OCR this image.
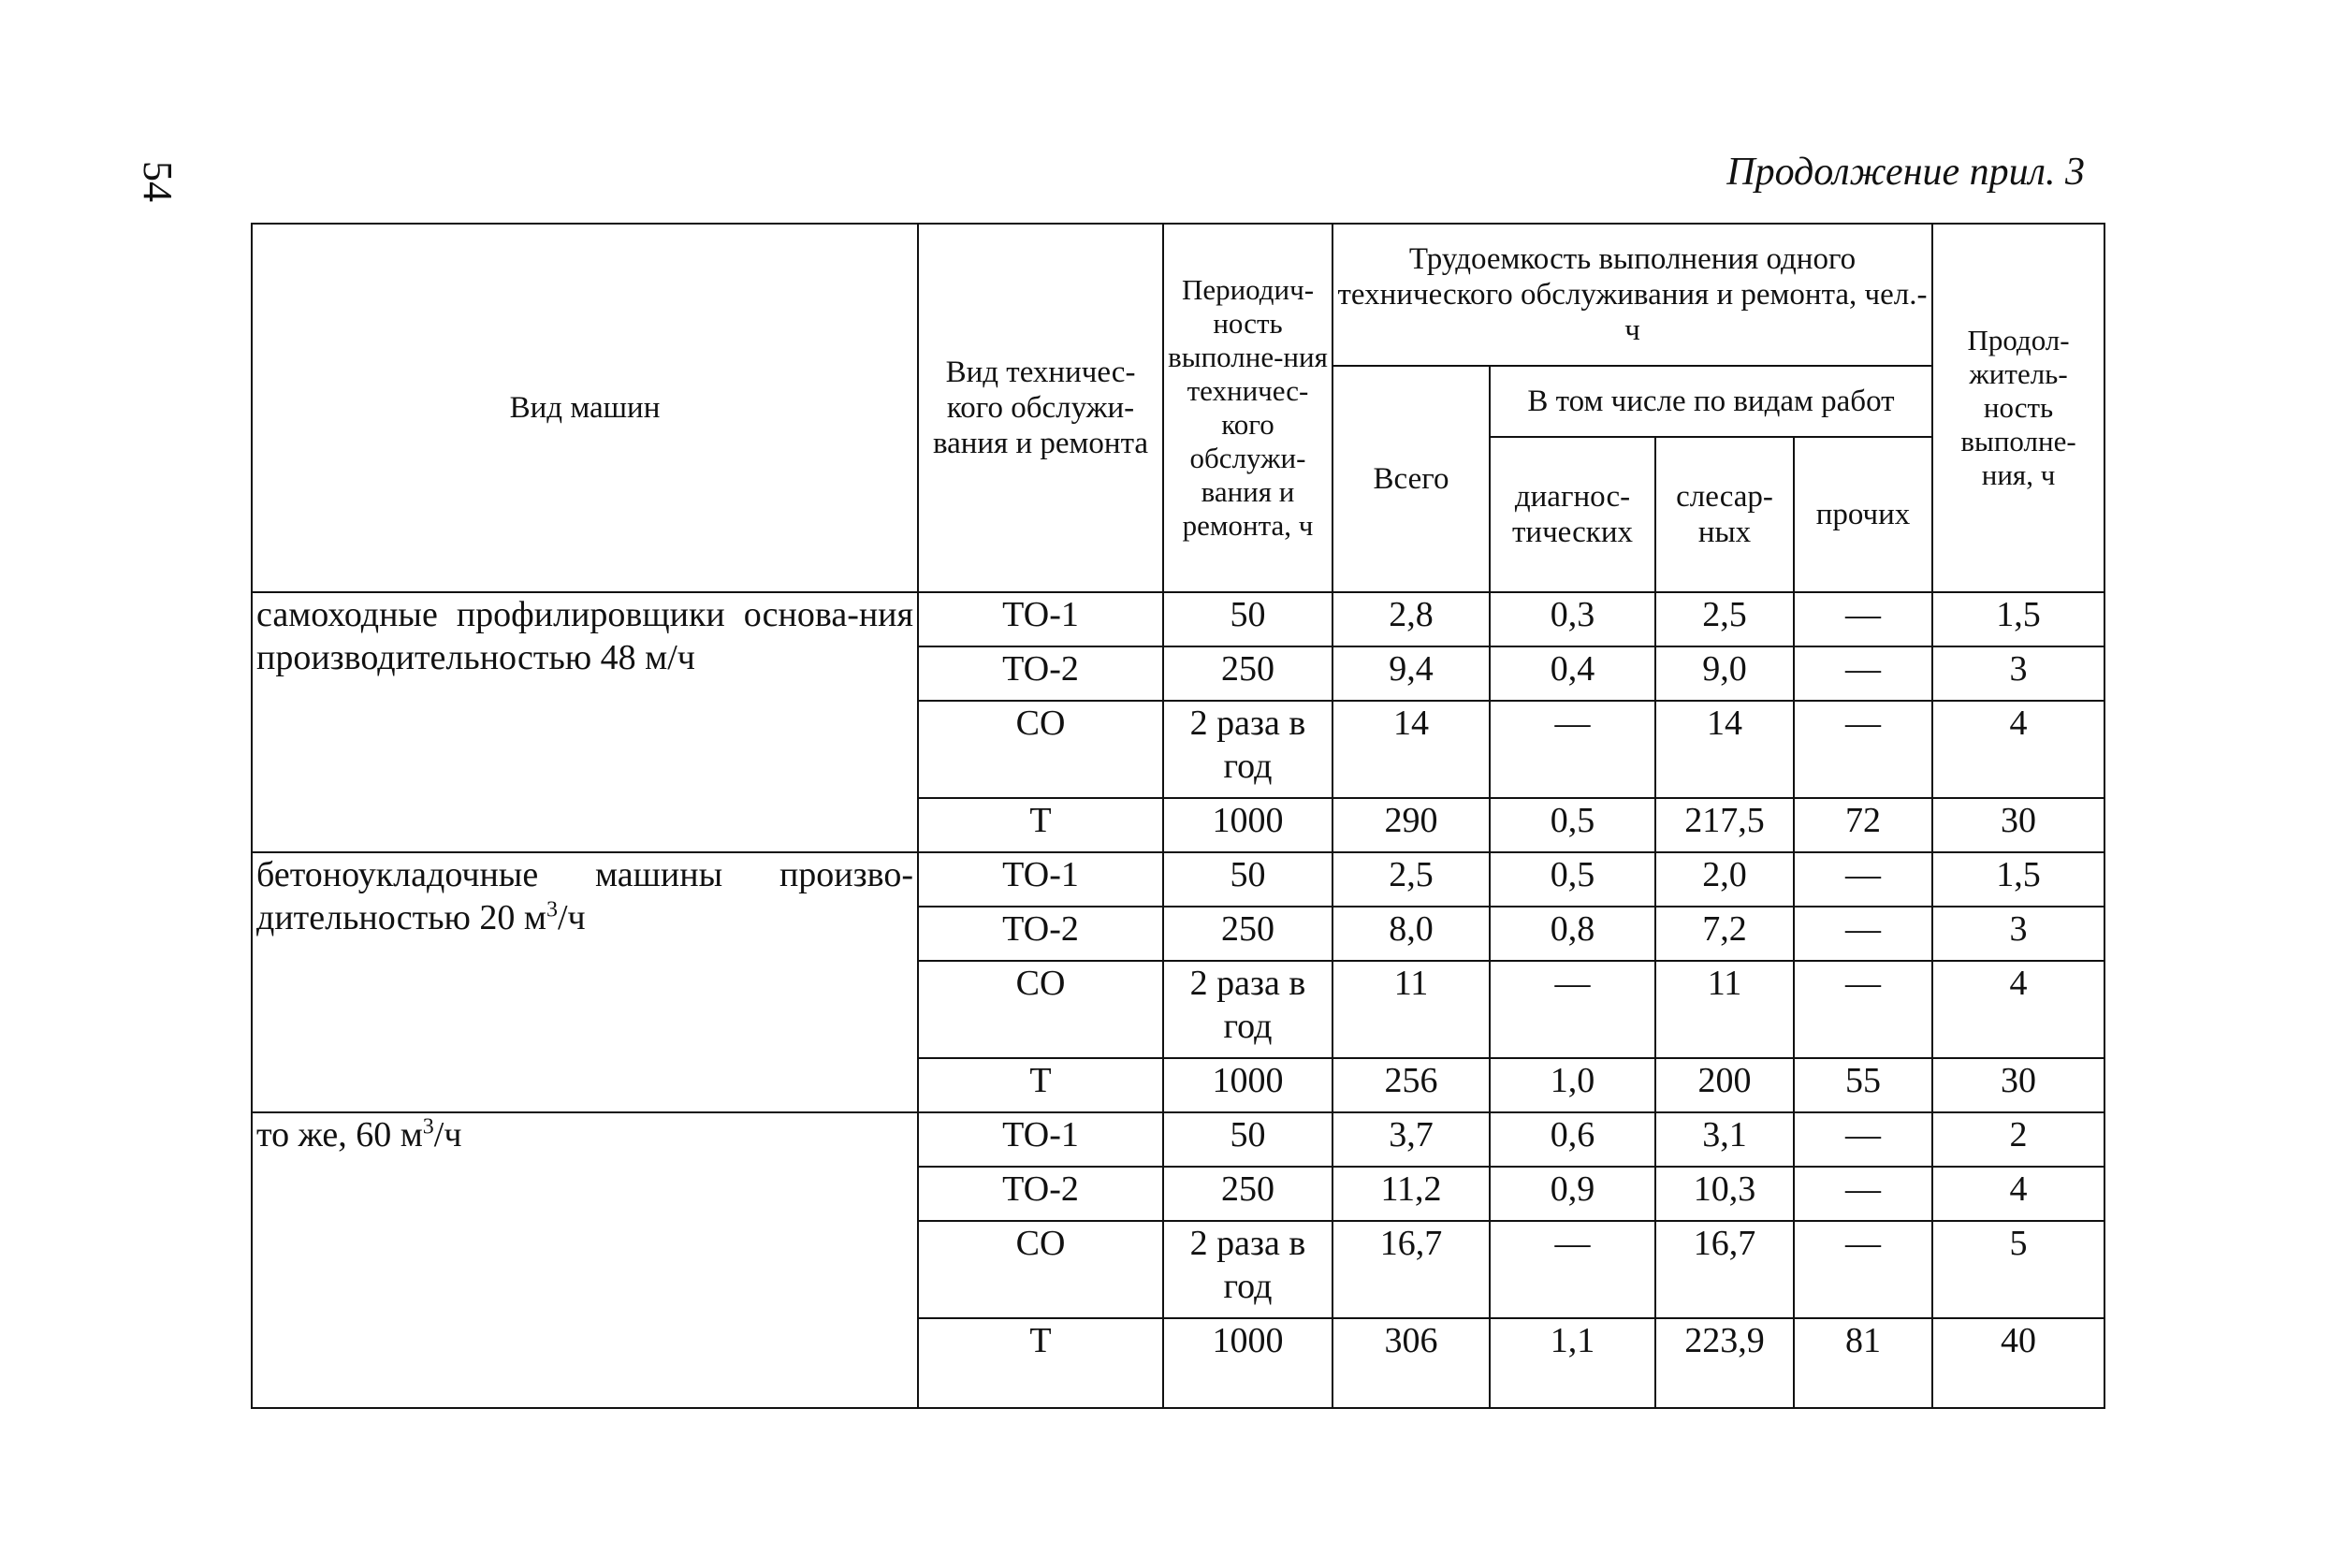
54	Продолжение прил. 3
Вид машин	Вид техничес-кого обслужи-вания и ремонта	Периодич-ность выполне-ния техничес-кого обслужи-вания и ремонта, ч	Трудоемкость выполнения одного технического обслуживания и ремонта, чел.-ч				Продол-житель-ность выполне-ния, ч
			Всего	В том числе по видам работ			
				диагнос-тических	слесар-ных	прочих	
самоходные профилировщики основа-ния производительностью 48 м/ч	ТО-1	50	2,8	0,3	2,5	—	1,5
	ТО-2	250	9,4	0,4	9,0	—	3
	СО	2 раза в год	14	—	14	—	4
	Т	1000	290	0,5	217,5	72	30
бетоноукладочные машины произво-дительностью 20 $м^3/ч$	ТО-1	50	2,5	0,5	2,0	—	1,5
	ТО-2	250	8,0	0,8	7,2	—	3
	СО	2 раза в год	11	—	11	—	4
	Т	1000	256	1,0	200	55	30
то же, 60 $м^3/ч$	ТО-1	50	3,7	0,6	3,1	—	2
	ТО-2	250	11,2	0,9	10,3	—	4
	СО	2 раза в год	16,7	—	16,7	—	5
	Т	1000	306	1,1	223,9	81	40
